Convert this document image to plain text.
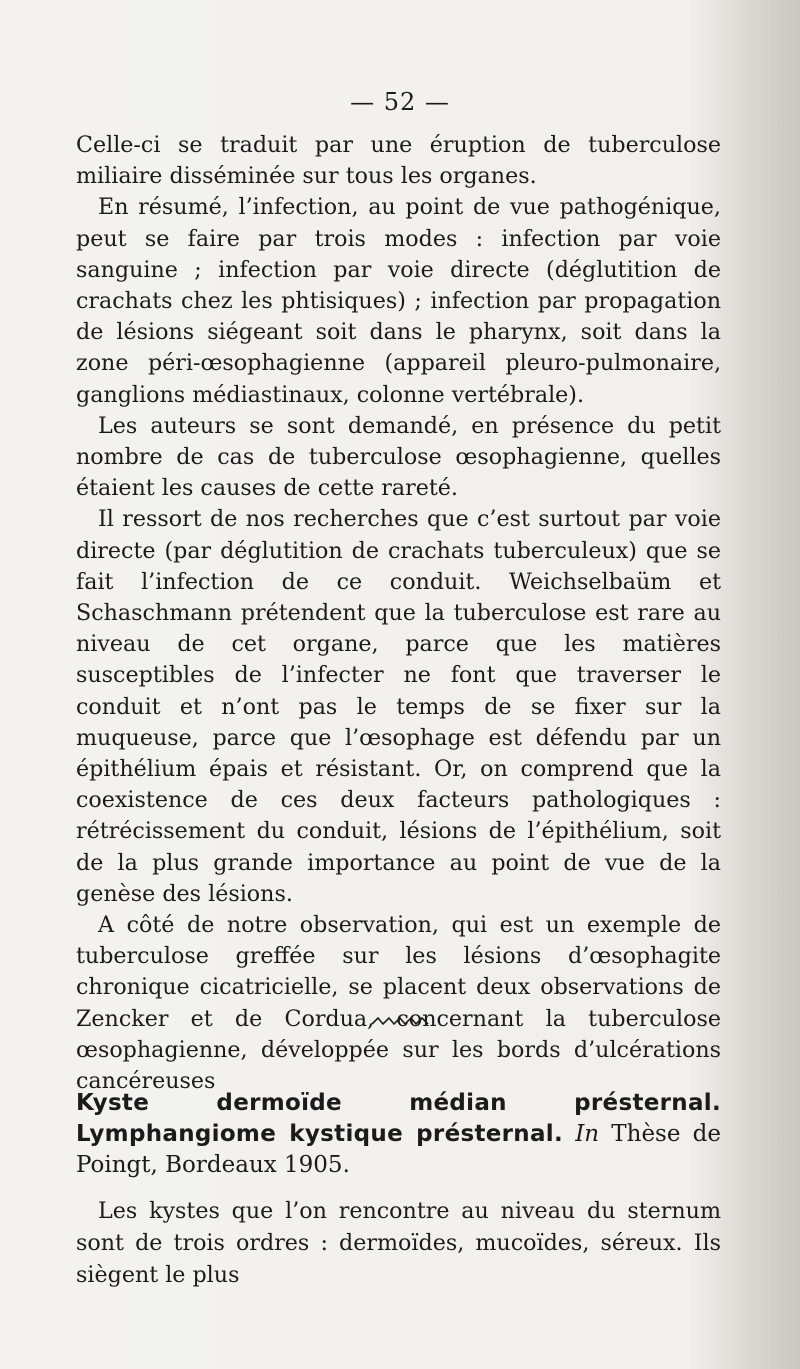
— 52 —

Celle-ci se traduit par une éruption de tuberculose miliaire disséminée sur tous les organes.

En résumé, l’infection, au point de vue pathogénique, peut se faire par trois modes : infection par voie sanguine ; infection par voie directe (déglutition de crachats chez les phtisiques) ; infection par propagation de lésions siégeant soit dans le pharynx, soit dans la zone péri-œsophagienne (appareil pleuro-pulmonaire, ganglions médiastinaux, colonne vertébrale).

Les auteurs se sont demandé, en présence du petit nombre de cas de tuberculose œsophagienne, quelles étaient les causes de cette rareté.

Il ressort de nos recherches que c’est surtout par voie directe (par déglutition de crachats tuberculeux) que se fait l’infection de ce conduit. Weichselbaüm et Schaschmann prétendent que la tuberculose est rare au niveau de cet organe, parce que les matières susceptibles de l’infecter ne font que traverser le conduit et n’ont pas le temps de se fixer sur la muqueuse, parce que l’œsophage est défendu par un épithélium épais et résistant. Or, on comprend que la coexistence de ces deux facteurs pathologiques : rétrécissement du conduit, lésions de l’épithélium, soit de la plus grande importance au point de vue de la genèse des lésions.

A côté de notre observation, qui est un exemple de tuberculose greffée sur les lésions d’œsophagite chronique cicatricielle, se placent deux observations de Zencker et de Cordua, concernant la tuberculose œsophagienne, développée sur les bords d’ulcérations cancéreuses

Kyste dermoïde médian présternal. Lymphangiome kystique présternal. In Thèse de Poingt, Bordeaux 1905.

Les kystes que l’on rencontre au niveau du sternum sont de trois ordres : dermoïdes, mucoïdes, séreux. Ils siègent le plus
